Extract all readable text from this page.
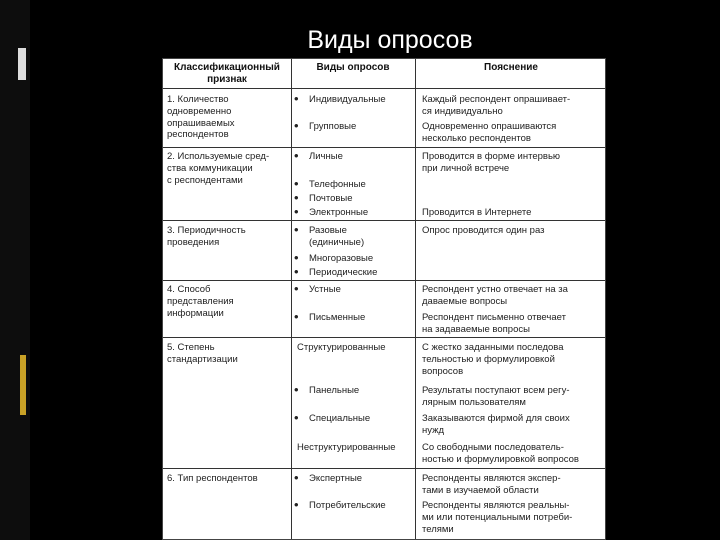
Виды опросов
Классификационный
признак
Виды опросов	Пояснение
1. Количество
одновременно
опрашиваемых
респондентов
• Индивидуальные
• Групповые
Каждый респондент опрашивает-
ся индивидуально
Одновременно опрашиваются
несколько респондентов
2. Используемые сред-
ства коммуникации
с респондентами
• Личные
• Телефонные
• Почтовые
• Электронные
Проводится в форме интервью
при личной встрече
Проводится в Интернете
3. Периодичность
проведения
• Разовые
(единичные)
• Многоразовые
• Периодические
Опрос проводится один раз
4. Способ
представления
информации
• Устные
• Письменные
Респондент устно отвечает на за
даваемые вопросы
Респондент письменно отвечает
на задаваемые вопросы
5. Степень
стандартизации
Структурированные
• Панельные
• Специальные
Неструктурированные
С жестко заданными последова
тельностью и формулировкой
вопросов
Результаты поступают всем регу-
лярным пользователям
Заказываются фирмой для своих
нужд
Со свободными последователь-
ностью и формулировкой вопросов
6. Тип респондентов
•	Экспертные
• Потребительские
Респонденты являются экспер-
тами в изучаемой области
Респонденты являются реальны-
ми или потенциальными потреби-
телями
